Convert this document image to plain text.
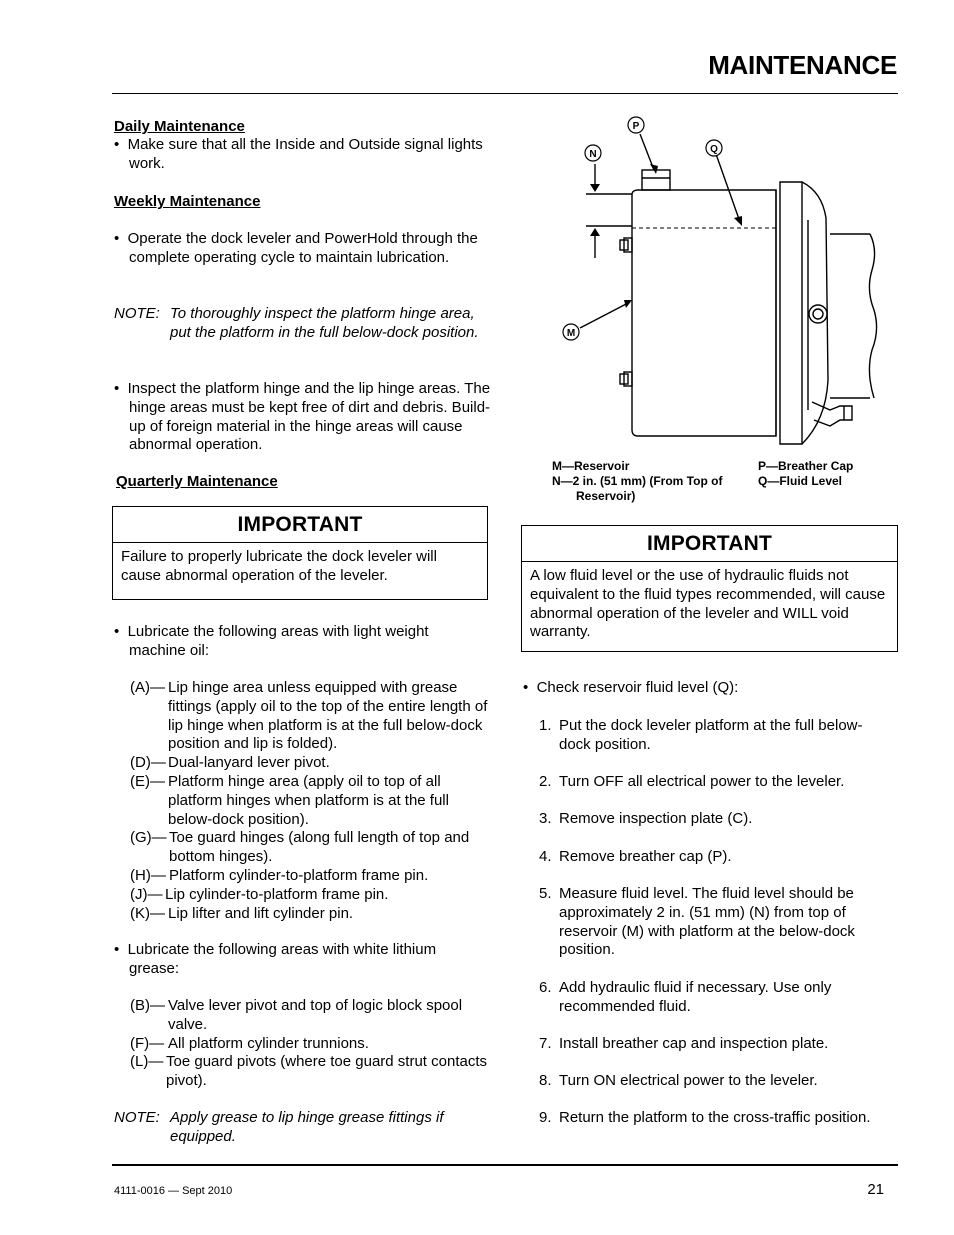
MAINTENANCE
Daily Maintenance
•  Make sure that all the Inside and Outside signal lights work.
Weekly Maintenance
•  Operate the dock leveler and PowerHold through the complete operating cycle to maintain lubrication.
NOTE: To thoroughly inspect the platform hinge area, put the platform in the full below-dock position.
•  Inspect the platform hinge and the lip hinge areas. The hinge areas must be kept free of dirt and debris. Build-up of foreign material in the hinge areas will cause abnormal operation.
Quarterly Maintenance
IMPORTANT
Failure to properly lubricate the dock leveler will cause abnormal operation of the leveler.
•  Lubricate the following areas with light weight machine oil:
(A)— Lip hinge area unless equipped with grease fittings (apply oil to the top of the entire length of lip hinge when platform is at the full below-dock position and lip is folded).
(D)— Dual-lanyard lever pivot.
(E)— Platform hinge area (apply oil to top of all platform hinges when platform is at the full below-dock position).
(G)— Toe guard hinges (along full length of top and bottom hinges).
(H)— Platform cylinder-to-platform frame pin.
(J)— Lip cylinder-to-platform frame pin.
(K)— Lip lifter and lift cylinder pin.
•  Lubricate the following areas with white lithium grease:
(B)— Valve lever pivot and top of logic block spool valve.
(F)— All platform cylinder trunnions.
(L)— Toe guard pivots (where toe guard strut contacts pivot).
NOTE: Apply grease to lip hinge grease fittings if equipped.
P
Q
N
M
M—Reservoir
N—2 in. (51 mm) (From Top of
Reservoir)
P—Breather Cap
Q—Fluid Level
IMPORTANT
A low fluid level or the use of hydraulic fluids not equivalent to the fluid types recommended, will cause abnormal operation of the leveler and WILL void warranty.
•  Check reservoir fluid level (Q):
1. Put the dock leveler platform at the full below-dock position.
2. Turn OFF all electrical power to the leveler.
3. Remove inspection plate (C).
4. Remove breather cap (P).
5. Measure fluid level. The fluid level should be approximately 2 in. (51 mm) (N) from top of reservoir (M) with platform at the below-dock position.
6. Add hydraulic fluid if necessary. Use only recommended fluid.
7. Install breather cap and inspection plate.
8. Turn ON electrical power to the leveler.
9. Return the platform to the cross-traffic position.
4111-0016 — Sept 2010	21
